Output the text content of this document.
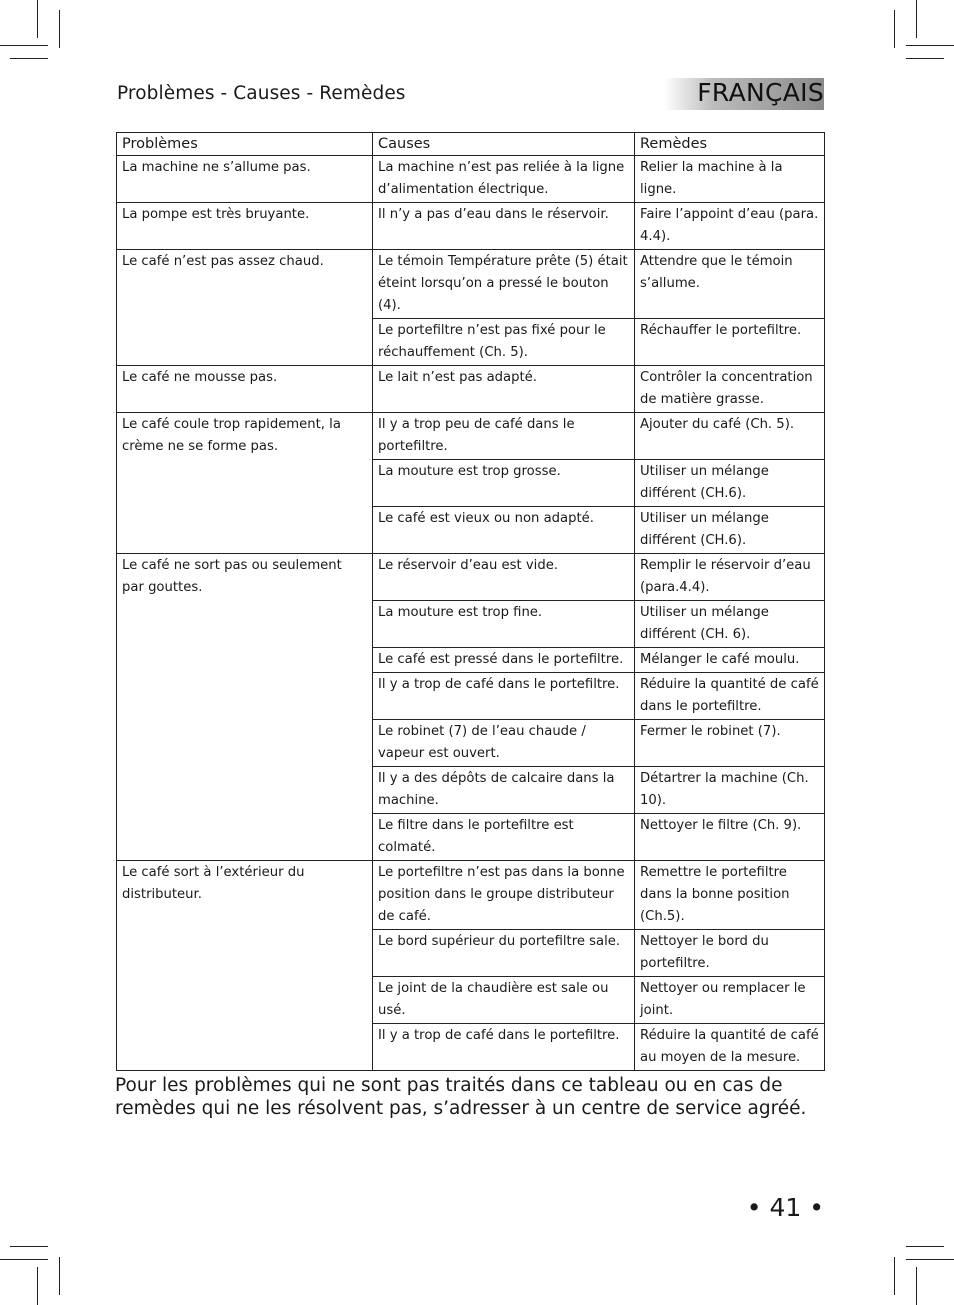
Problèmes - Causes - Remèdes	FRANÇAIS
Problèmes	Causes	Remèdes
La machine ne s’allume pas.	La machine n’est pas reliée à la ligne d’alimentation électrique.	Relier la machine à la ligne.
La pompe est très bruyante.	Il n’y a pas d’eau dans le réservoir.	Faire l’appoint d’eau (para. 4.4).
Le café n’est pas assez chaud.	Le témoin Température prête (5) était éteint lorsqu’on a pressé le bouton (4).	Attendre que le témoin s’allume.
	Le portefiltre n’est pas fixé pour le réchauffement (Ch. 5).	Réchauffer le portefiltre.
Le café ne mousse pas.	Le lait n’est pas adapté.	Contrôler la concentration de matière grasse.
Le café coule trop rapidement, la crème ne se forme pas.	Il y a trop peu de café dans le portefiltre.	Ajouter du café (Ch. 5).
	La mouture est trop grosse.	Utiliser un mélange différent (CH.6).
	Le café est vieux ou non adapté.	Utiliser un mélange différent (CH.6).
Le café ne sort pas ou seulement par gouttes.	Le réservoir d’eau est vide.	Remplir le réservoir d’eau (para.4.4).
	La mouture est trop fine.	Utiliser un mélange différent (CH. 6).
	Le café est pressé dans le portefiltre.	Mélanger le café moulu.
	Il y a trop de café dans le portefiltre.	Réduire la quantité de café dans le portefiltre.
	Le robinet (7) de l’eau chaude / vapeur est ouvert.	Fermer le robinet (7).
	Il y a des dépôts de calcaire dans la machine.	Détartrer la machine (Ch. 10).
	Le filtre dans le portefiltre est colmaté.	Nettoyer le filtre (Ch. 9).
Le café sort à l’extérieur du distributeur.	Le portefiltre n’est pas dans la bonne position dans le groupe distributeur de café.	Remettre le portefiltre dans la bonne position (Ch.5).
	Le bord supérieur du portefiltre sale.	Nettoyer le bord du portefiltre.
	Le joint de la chaudière est sale ou usé.	Nettoyer ou remplacer le joint.
	Il y a trop de café dans le portefiltre.	Réduire la quantité de café au moyen de la mesure.
Pour les problèmes qui ne sont pas traités dans ce tableau ou en cas de remèdes qui ne les résolvent pas, s’adresser à un centre de service agréé.
• 41 •
